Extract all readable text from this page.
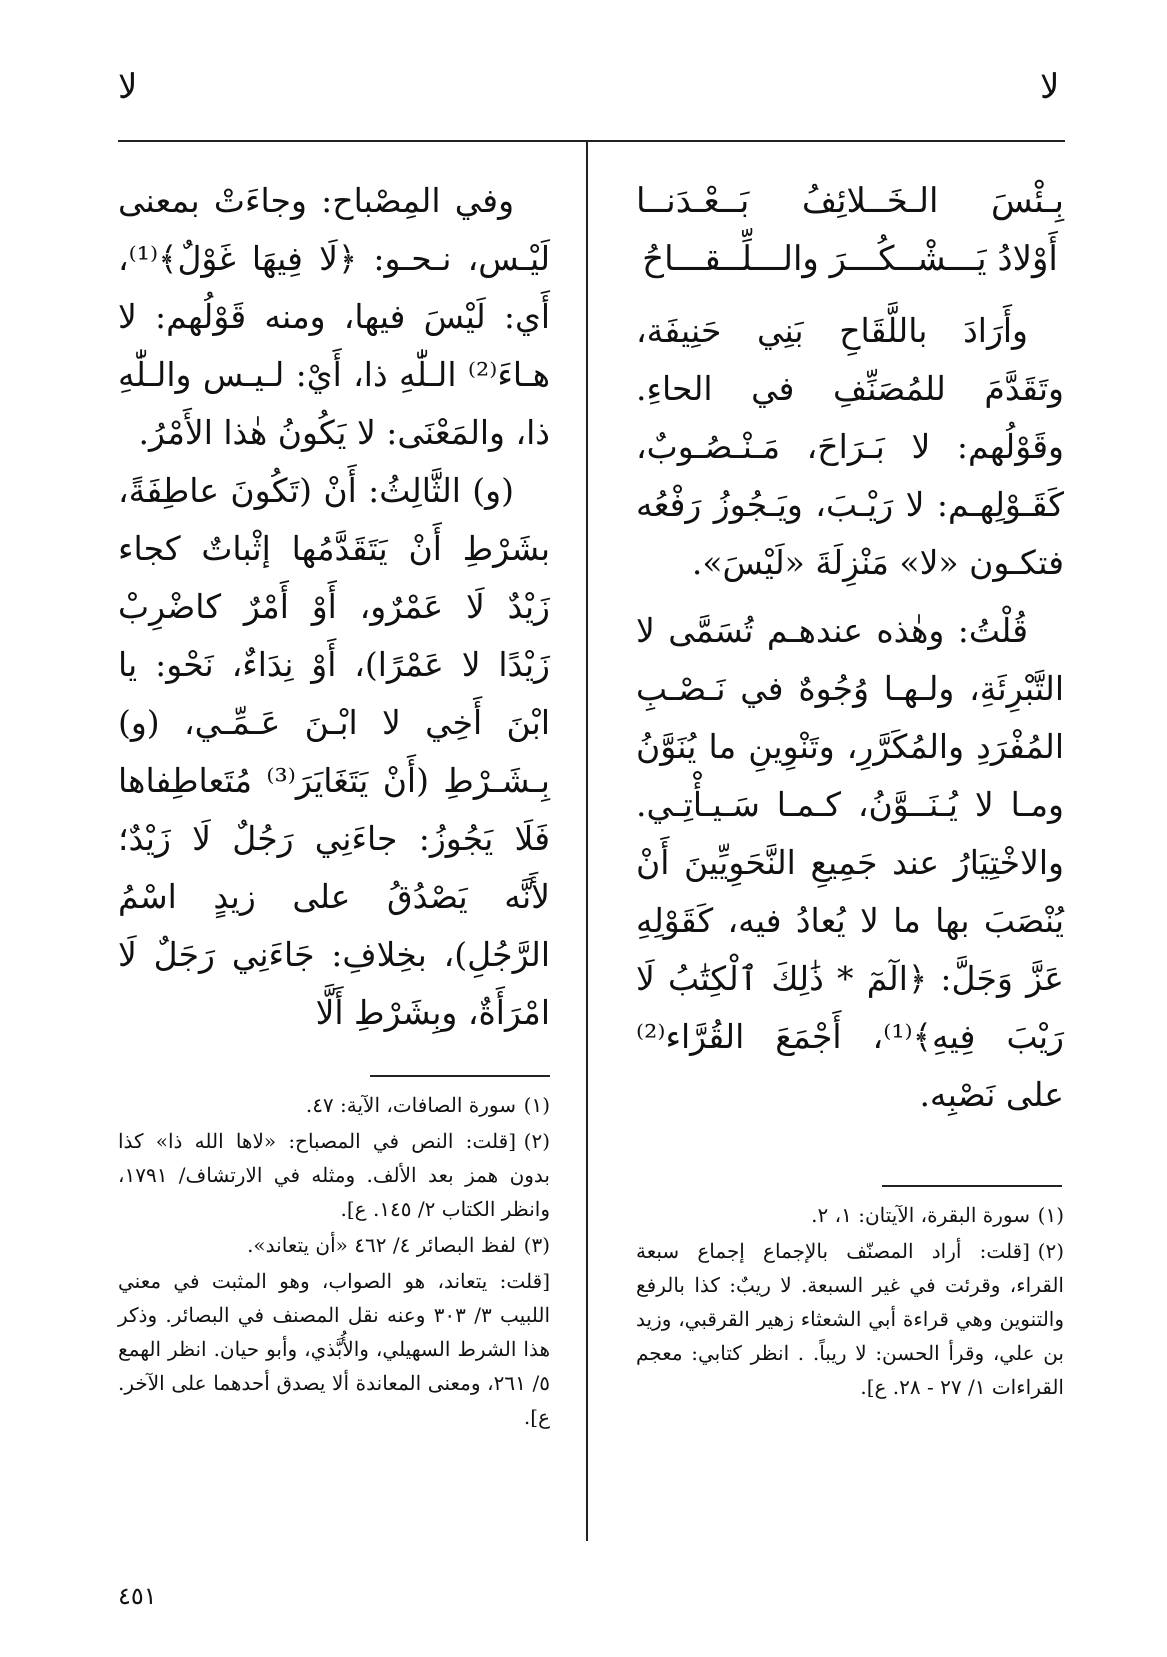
لا
لا
بِـئْسَ الـخَــلائِفُ بَــعْـدَنــا
أَوْلادُ يَـــشْــكُـــرَ والـــلِّــقـــاحُ

وأَرَادَ باللَّقَاحِ بَنِي حَنِيفَة، وتَقَدَّمَ للمُصَنِّفِ في الحاءِ. وقَوْلُهم: لا بَـرَاحَ، مَـنْـصُـوبٌ، كَقَـوْلِهـم: لا رَيْـبَ، ويَـجُوزُ رَفْعُه فتكـون «لا» مَنْزِلَةَ «لَيْسَ».

قُلْتُ: وهٰذه عندهـم تُسَمَّى لا التَّبْرِئَةِ، ولـهـا وُجُوهٌ في نَـصْـبِ المُفْرَدِ والمُكَرَّرِ، وتَنْوِينِ ما يُنَوَّنُ ومـا لا يُـنَــوَّنُ، كـمـا سَـيـأْتِـي. والاخْتِيَارُ عند جَمِيعِ النَّحَوِيِّينَ أَنْ يُنْصَبَ بها ما لا يُعادُ فيه، كَقَوْلِهِ عَزَّ وَجَلَّ: ﴿الٓمٓ * ذَٰلِكَ ٱلْكِتَٰبُ لَا رَيْبَ فِيهِ﴾⁽¹⁾، أَجْمَعَ القُرَّاء⁽²⁾ على نَصْبِه.

وفي المِصْباح: وجاءَتْ بمعنى لَيْـس، نـحـو: ﴿لَا فِيهَا غَوْلٌ﴾⁽¹⁾، أَي: لَيْسَ فيها، ومنه قَوْلُهم: لا هـاءَ⁽²⁾ الـلّٰهِ ذا، أَيْ: لـيـس والـلّٰهِ ذا، والمَعْنَى: لا يَكُونُ هٰذا الأَمْرُ.

(و) الثَّالِثُ: أَنْ (تَكُونَ عاطِفَةً، بشَرْطِ أَنْ يَتَقَدَّمُها إثْباتٌ كجاء زَيْدٌ لَا عَمْرٌو، أَوْ أَمْرٌ كاضْرِبْ زَيْدًا لا عَمْرًا)، أَوْ نِدَاءٌ، نَحْو: يا ابْنَ أَخِي لا ابْـنَ عَـمِّـي، (و) بِـشَـرْطِ (أَنْ يَتَغَايَرَ⁽³⁾ مُتَعاطِفاها فَلَا يَجُوزُ: جاءَنِي رَجُلٌ لَا زَيْدٌ؛ لأَنَّه يَصْدُقُ على زيدٍ اسْمُ الرَّجُلِ)، بخِلافِ: جَاءَنِي رَجَلٌ لَا امْرَأَةٌ، وبِشَرْطِ أَلَّا

(١)سورة الصافات، الآية: ٤٧.
(٢)[قلت: النص في المصباح: «لاها الله ذا» كذا بدون همز بعد الألف. ومثله في الارتشاف/ ١٧٩١، وانظر الكتاب ٢/ ١٤٥. ع].
(٣)لفظ البصائر ٤/ ٤٦٢ «أن يتعاند».
[قلت: يتعاند، هو الصواب، وهو المثبت في معني اللبيب ٣/ ٣٠٣ وعنه نقل المصنف في البصائر. وذكر هذا الشرط السهيلي، والأُبَّذي، وأبو حيان. انظر الهمع ٥/ ٢٦١، ومعنى المعاندة ألا يصدق أحدهما على الآخر. ع].
(١)سورة البقرة، الآيتان: ١، ٢.
(٢)[قلت: أراد المصنّف بالإجماع إجماع سبعة القراء، وقرئت في غير السبعة. لا ريبٌ: كذا بالرفع والتنوين وهي قراءة أبي الشعثاء زهير القرقبي، وزيد بن علي، وقرأ الحسن: لا ريباً. . انظر كتابي: معجم القراءات ١/ ٢٧ - ٢٨. ع].
٤٥١
